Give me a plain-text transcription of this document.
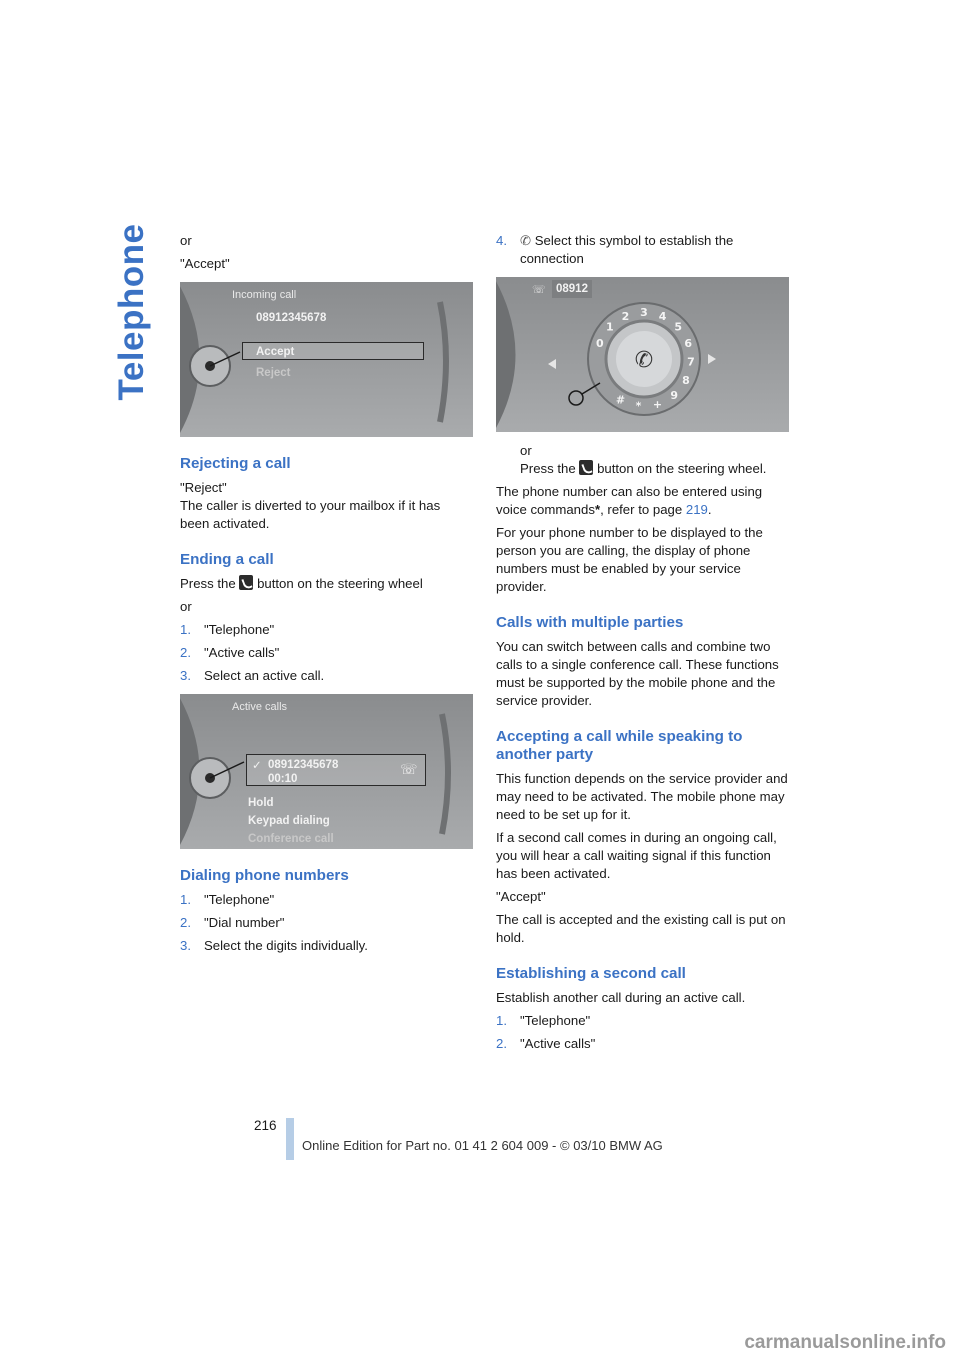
Telephone or

"Accept"

Incoming call
08912345678
Accept
Reject
Rejecting a call

"Reject"

The caller is diverted to your mailbox if it has been activated.

Ending a call

Press the button on the steering wheel

or

1. "Telephone"
2. "Active calls"
3. Select an active call.
Active calls
✓ 08912345678
00:10
☏
Hold
Keypad dialing
Conference call
Dialing phone numbers
1. "Telephone"
2. "Dial number"
3. Select the digits individually.
4. ✆ Select this symbol to establish the connection
✆
0
1
2 3 4
5
6
7
8
9
+
*
#
☏ 08912

or

Press the button on the steering wheel.

The phone number can also be entered using voice commands*, refer to page 219.

For your phone number to be displayed to the person you are calling, the display of phone numbers must be enabled by your service provider.

Calls with multiple parties

You can switch between calls and combine two calls to a single conference call. These functions must be supported by the mobile phone and the service provider.

Accepting a call while speaking to another party

This function depends on the service provider and may need to be activated. The mobile phone may need to be set up for it.

If a second call comes in during an ongoing call, you will hear a call waiting signal if this function has been activated.

"Accept"

The call is accepted and the existing call is put on hold.

Establishing a second call

Establish another call during an active call.

1. "Telephone"
2. "Active calls"
216
Online Edition for Part no. 01 41 2 604 009 - © 03/10 BMW AG
carmanualsonline.info
